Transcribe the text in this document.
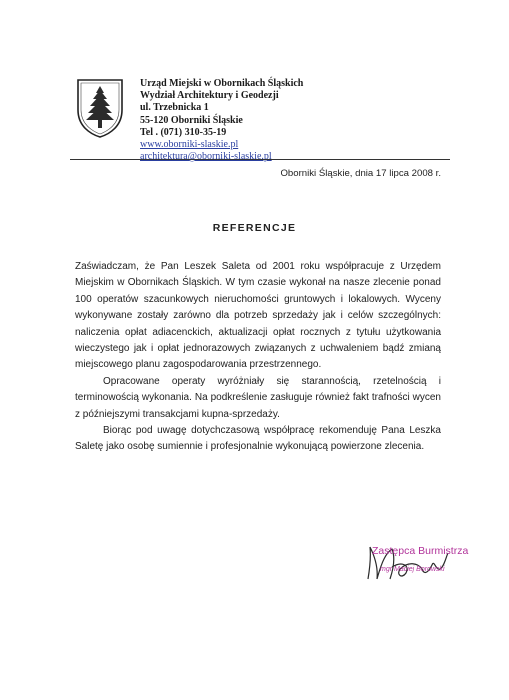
Urząd Miejski w Obornikach Śląskich
Wydział Architektury i Geodezji
ul. Trzebnicka 1
55-120 Oborniki Śląskie
Tel . (071) 310-35-19
www.oborniki-slaskie.pl
architektura@oborniki-slaskie.pl
Oborniki Śląskie, dnia 17 lipca 2008 r.
REFERENCJE

Zaświadczam, że Pan Leszek Saleta od 2001 roku współpracuje z Urzędem Miejskim w Obornikach Śląskich. W tym czasie wykonał na nasze zlecenie ponad 100 operatów szacunkowych nieruchomości gruntowych i lokalowych. Wyceny wykonywane zostały zarówno dla potrzeb sprzedaży jak i celów szczególnych: naliczenia opłat adiacenckich, aktualizacji opłat rocznych z tytułu użytkowania wieczystego jak i opłat jednorazowych związanych z uchwaleniem bądź zmianą miejscowego planu zagospodarowania przestrzennego.

Opracowane operaty wyróżniały się starannością, rzetelnością i terminowością wykonania. Na podkreślenie zasługuje również fakt trafności wycen z późniejszymi transakcjami kupna-sprzedaży.

Biorąc pod uwagę dotychczasową współpracę rekomenduję Pana Leszka Saletę jako osobę sumiennie i profesjonalnie wykonującą powierzone zlecenia.

Zastępca Burmistrza
mgr Maciej Borowski
